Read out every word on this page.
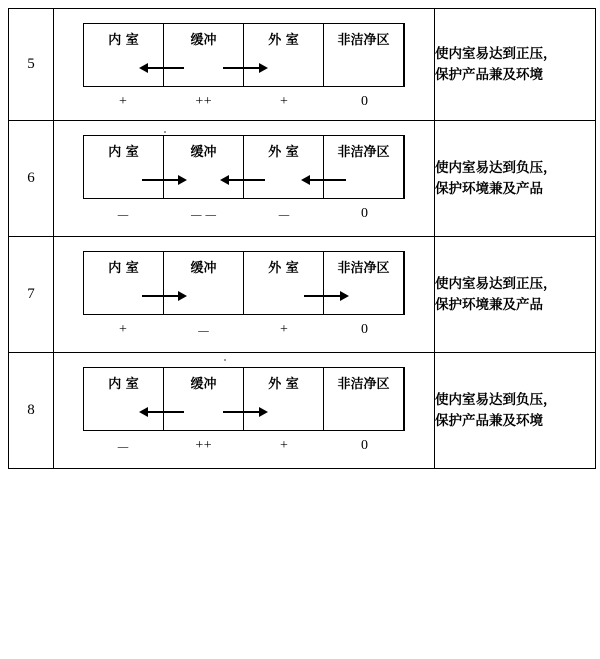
5	
内 室	缓冲	外 室	非洁净区
+	++	+	0

使内室易达到正压，
保护产品兼及环境

6	
内 室	缓冲	外 室	非洁净区
－	－－	－	0

使内室易达到负压，
保护环境兼及产品

7	
内 室	缓冲	外 室	非洁净区
+	－	+	0

使内室易达到正压，
保护环境兼及产品

8	
内 室	缓冲	外 室	非洁净区
－	++	+	0

使内室易达到负压，
保护产品兼及环境
